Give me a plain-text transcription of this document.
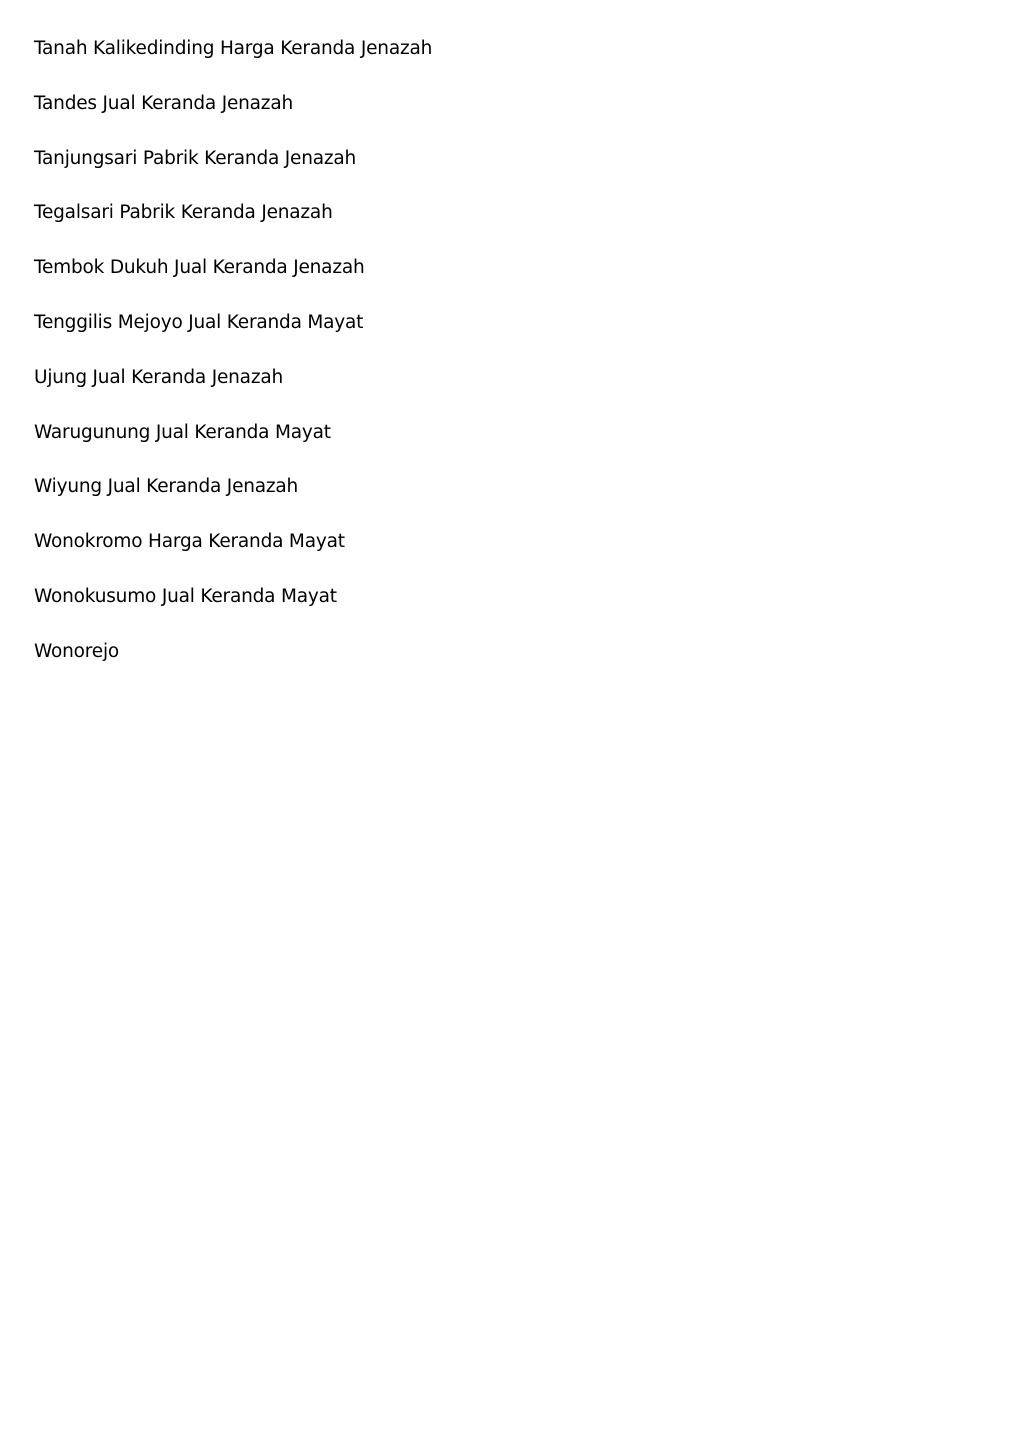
Tanah Kalikedinding Harga Keranda Jenazah
Tandes Jual Keranda Jenazah
Tanjungsari Pabrik Keranda Jenazah
Tegalsari Pabrik Keranda Jenazah
Tembok Dukuh Jual Keranda Jenazah
Tenggilis Mejoyo Jual Keranda Mayat
Ujung Jual Keranda Jenazah
Warugunung Jual Keranda Mayat
Wiyung Jual Keranda Jenazah
Wonokromo Harga Keranda Mayat
Wonokusumo Jual Keranda Mayat
Wonorejo
